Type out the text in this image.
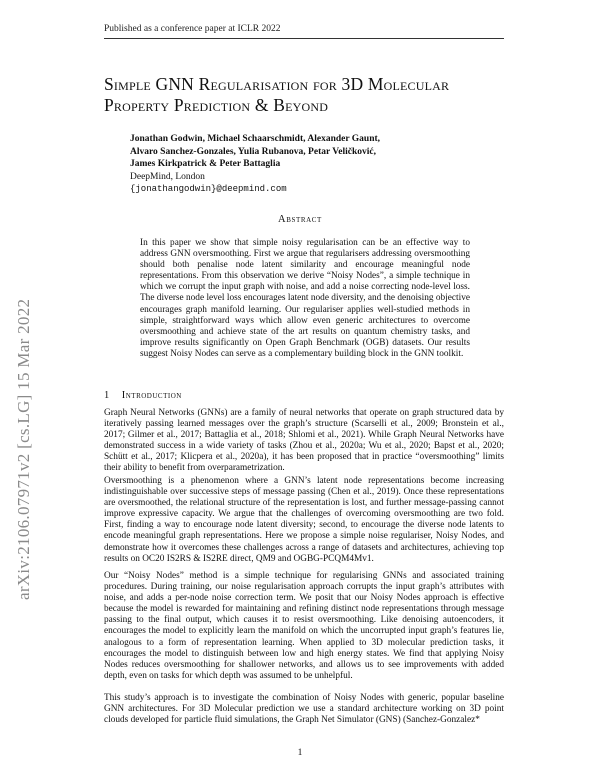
Published as a conference paper at ICLR 2022
arXiv:2106.07971v2 [cs.LG] 15 Mar 2022
Simple GNN Regularisation for 3D Molecular
Property Prediction & Beyond
Jonathan Godwin, Michael Schaarschmidt, Alexander Gaunt,
Alvaro Sanchez-Gonzales, Yulia Rubanova, Petar Veličković,
James Kirkpatrick & Peter Battaglia
DeepMind, London
{jonathangodwin}@deepmind.com
Abstract
In this paper we show that simple noisy regularisation can be an effective way to address GNN oversmoothing. First we argue that regularisers addressing oversmoothing should both penalise node latent similarity and encourage meaningful node representations. From this observation we derive “Noisy Nodes”, a simple technique in which we corrupt the input graph with noise, and add a noise correcting node-level loss. The diverse node level loss encourages latent node diversity, and the denoising objective encourages graph manifold learning. Our regulariser applies well-studied methods in simple, straightforward ways which allow even generic architectures to overcome oversmoothing and achieve state of the art results on quantum chemistry tasks, and improve results significantly on Open Graph Benchmark (OGB) datasets. Our results suggest Noisy Nodes can serve as a complementary building block in the GNN toolkit.
1 Introduction
Graph Neural Networks (GNNs) are a family of neural networks that operate on graph structured data by iteratively passing learned messages over the graph’s structure (Scarselli et al., 2009; Bronstein et al., 2017; Gilmer et al., 2017; Battaglia et al., 2018; Shlomi et al., 2021). While Graph Neural Networks have demonstrated success in a wide variety of tasks (Zhou et al., 2020a; Wu et al., 2020; Bapst et al., 2020; Schütt et al., 2017; Klicpera et al., 2020a), it has been proposed that in practice “oversmoothing” limits their ability to benefit from overparametrization.
Oversmoothing is a phenomenon where a GNN’s latent node representations become increasing indistinguishable over successive steps of message passing (Chen et al., 2019). Once these representations are oversmoothed, the relational structure of the representation is lost, and further message-passing cannot improve expressive capacity. We argue that the challenges of overcoming oversmoothing are two fold. First, finding a way to encourage node latent diversity; second, to encourage the diverse node latents to encode meaningful graph representations. Here we propose a simple noise regulariser, Noisy Nodes, and demonstrate how it overcomes these challenges across a range of datasets and architectures, achieving top results on OC20 IS2RS & IS2RE direct, QM9 and OGBG-PCQM4Mv1.
Our “Noisy Nodes” method is a simple technique for regularising GNNs and associated training procedures. During training, our noise regularisation approach corrupts the input graph’s attributes with noise, and adds a per-node noise correction term. We posit that our Noisy Nodes approach is effective because the model is rewarded for maintaining and refining distinct node representations through message passing to the final output, which causes it to resist oversmoothing. Like denoising autoencoders, it encourages the model to explicitly learn the manifold on which the uncorrupted input graph’s features lie, analogous to a form of representation learning. When applied to 3D molecular prediction tasks, it encourages the model to distinguish between low and high energy states. We find that applying Noisy Nodes reduces oversmoothing for shallower networks, and allows us to see improvements with added depth, even on tasks for which depth was assumed to be unhelpful.
This study’s approach is to investigate the combination of Noisy Nodes with generic, popular baseline GNN architectures. For 3D Molecular prediction we use a standard architecture working on 3D point clouds developed for particle fluid simulations, the Graph Net Simulator (GNS) (Sanchez-Gonzalez*
1
